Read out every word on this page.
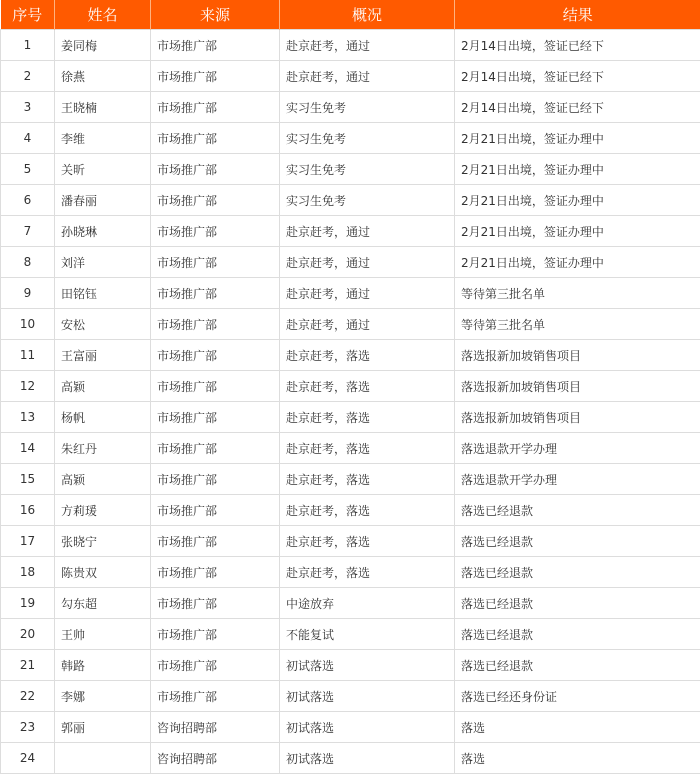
序号	姓名	来源	概况	结果
1	姜同梅	市场推广部	赴京赶考，通过	2月14日出境，签证已经下
2	徐燕	市场推广部	赴京赶考，通过	2月14日出境，签证已经下
3	王晓楠	市场推广部	实习生免考	2月14日出境，签证已经下
4	李维	市场推广部	实习生免考	2月21日出境，签证办理中
5	关昕	市场推广部	实习生免考	2月21日出境，签证办理中
6	潘春丽	市场推广部	实习生免考	2月21日出境，签证办理中
7	孙晓琳	市场推广部	赴京赶考，通过	2月21日出境，签证办理中
8	刘洋	市场推广部	赴京赶考，通过	2月21日出境，签证办理中
9	田铭钰	市场推广部	赴京赶考，通过	等待第三批名单
10	安松	市场推广部	赴京赶考，通过	等待第三批名单
11	王富丽	市场推广部	赴京赶考，落选	落选报新加坡销售项目
12	高颖	市场推广部	赴京赶考，落选	落选报新加坡销售项目
13	杨帆	市场推广部	赴京赶考，落选	落选报新加坡销售项目
14	朱红丹	市场推广部	赴京赶考，落选	落选退款开学办理
15	高颖	市场推广部	赴京赶考，落选	落选退款开学办理
16	方莉瑗	市场推广部	赴京赶考，落选	落选已经退款
17	张晓宁	市场推广部	赴京赶考，落选	落选已经退款
18	陈贵双	市场推广部	赴京赶考，落选	落选已经退款
19	勾东超	市场推广部	中途放弃	落选已经退款
20	王帅	市场推广部	不能复试	落选已经退款
21	韩路	市场推广部	初试落选	落选已经退款
22	李娜	市场推广部	初试落选	落选已经还身份证
23	郭丽	咨询招聘部	初试落选	落选
24		咨询招聘部	初试落选	落选
